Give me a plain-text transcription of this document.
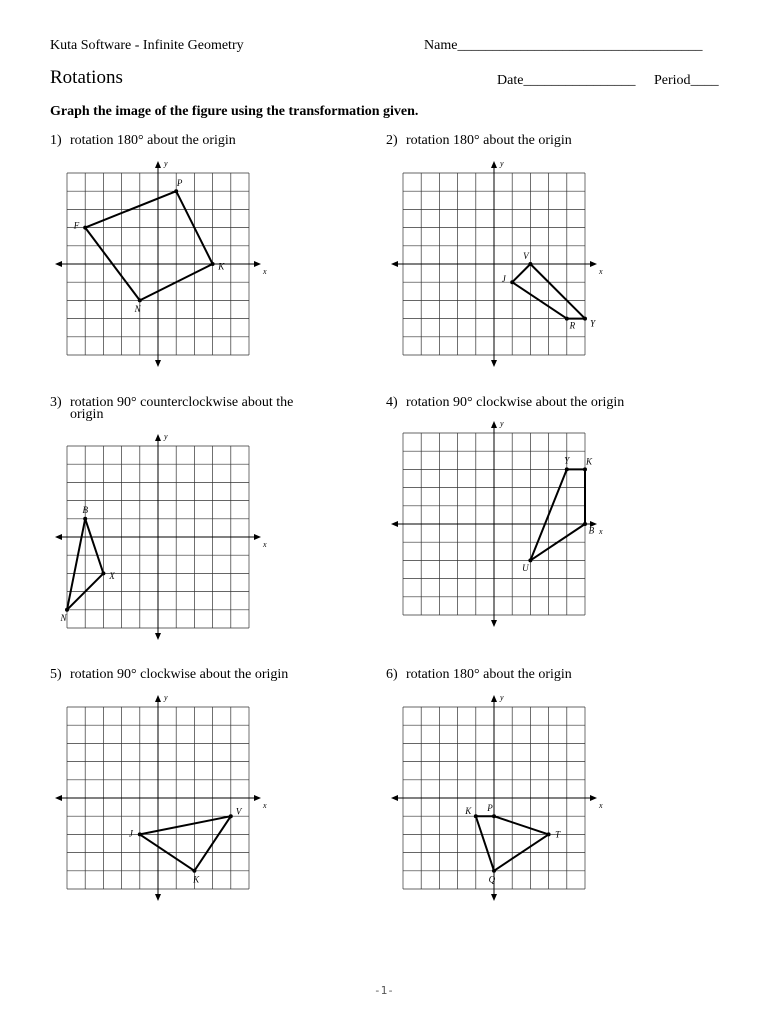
Kuta Software - Infinite Geometry	Name___________________________________
Rotations	Date________________ Period____
Graph the image of the figure using the transformation given.
1) rotation 180° about the origin	2) rotation 180° about the origin
3) rotation 90° counterclockwise about the
origin
4) rotation 90° clockwise about the origin
5) rotation 90° clockwise about the origin	6) rotation 180° about the origin
x
y
P
K
N
F
x
y
V
Y
R
J
x
y
B
X
N
x
y
Y K
B
U
x
y
V
K
J
x
y
K P
T
Q
-1-
